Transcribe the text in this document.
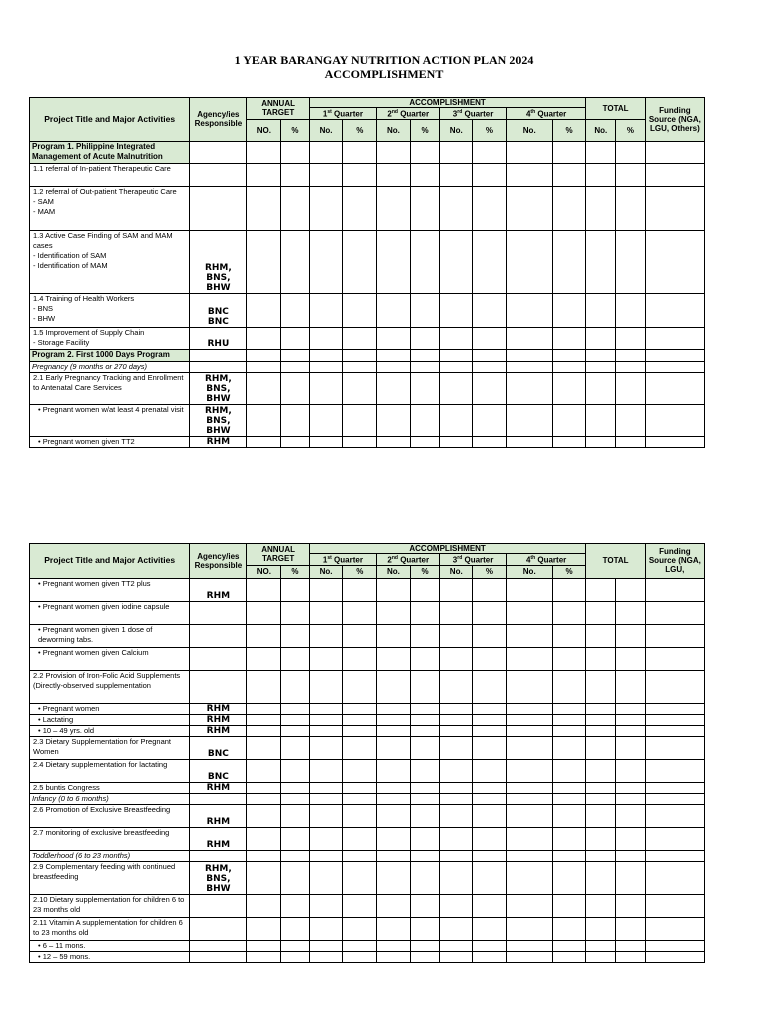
1 YEAR BARANGAY NUTRITION ACTION PLAN 2024
ACCOMPLISHMENT
Project Title and Major Activities	Agency/ies Responsible	ANNUAL TARGET		ACCOMPLISHMENT								TOTAL		Funding Source (NGA, LGU, Others)
				1st Quarter		2nd Quarter		3rd Quarter		4th Quarter				
		NO.	%	No.	%	No.	%	No.	%	No.	%	No.	%	
Program 1. Philippine Integrated Management of Acute Malnutrition														
1.1 referral of In-patient Therapeutic Care														
1.2 referral of Out-patient Therapeutic Care
- SAM
- MAM														
1.3 Active Case Finding of SAM and MAM cases
- Identification of SAM
- Identification of MAM	RHM,
BNS,
BHW													
1.4 Training of Health Workers
- BNS
- BHW	BNC
BNC													
1.5 Improvement of Supply Chain
- Storage Facility	RHU													
Program 2. First 1000 Days Program														
Pregnancy (9 months or 270 days)														
2.1 Early Pregnancy Tracking and Enrollment to Antenatal Care Services	RHM,
BNS,
BHW													
• Pregnant women w/at least 4 prenatal visit	RHM,
BNS,
BHW													
• Pregnant women given TT2	RHM													
Project Title and Major Activities	Agency/ies Responsible	ANNUAL TARGET		ACCOMPLISHMENT								TOTAL		Funding Source (NGA, LGU,
				1st Quarter		2nd Quarter		3rd Quarter		4th Quarter				
		NO.	%	No.	%	No.	%	No.	%	No.	%			
• Pregnant women given TT2 plus	RHM													
• Pregnant women given iodine capsule														
• Pregnant women given 1 dose of deworming tabs.														
• Pregnant women given Calcium														
2.2 Provision of Iron-Folic Acid Supplements (Directly-observed supplementation														
• Pregnant women	RHM													
• Lactating	RHM													
• 10 – 49 yrs. old	RHM													
2.3 Dietary Supplementation for Pregnant Women	BNC													
2.4 Dietary supplementation for lactating	BNC													
2.5 buntis Congress	RHM													
Infancy (0 to 6 months)														
2.6 Promotion of Exclusive Breastfeeding	RHM													
2.7 monitoring of exclusive breastfeeding	RHM													
Toddlerhood (6 to 23 months)														
2.9 Complementary feeding with continued breastfeeding	RHM,
BNS,
BHW													
2.10 Dietary supplementation for children 6 to 23 months old														
2.11 Vitamin A supplementation for children 6 to 23 months old														
• 6 – 11 mons.														
• 12 – 59 mons.														
